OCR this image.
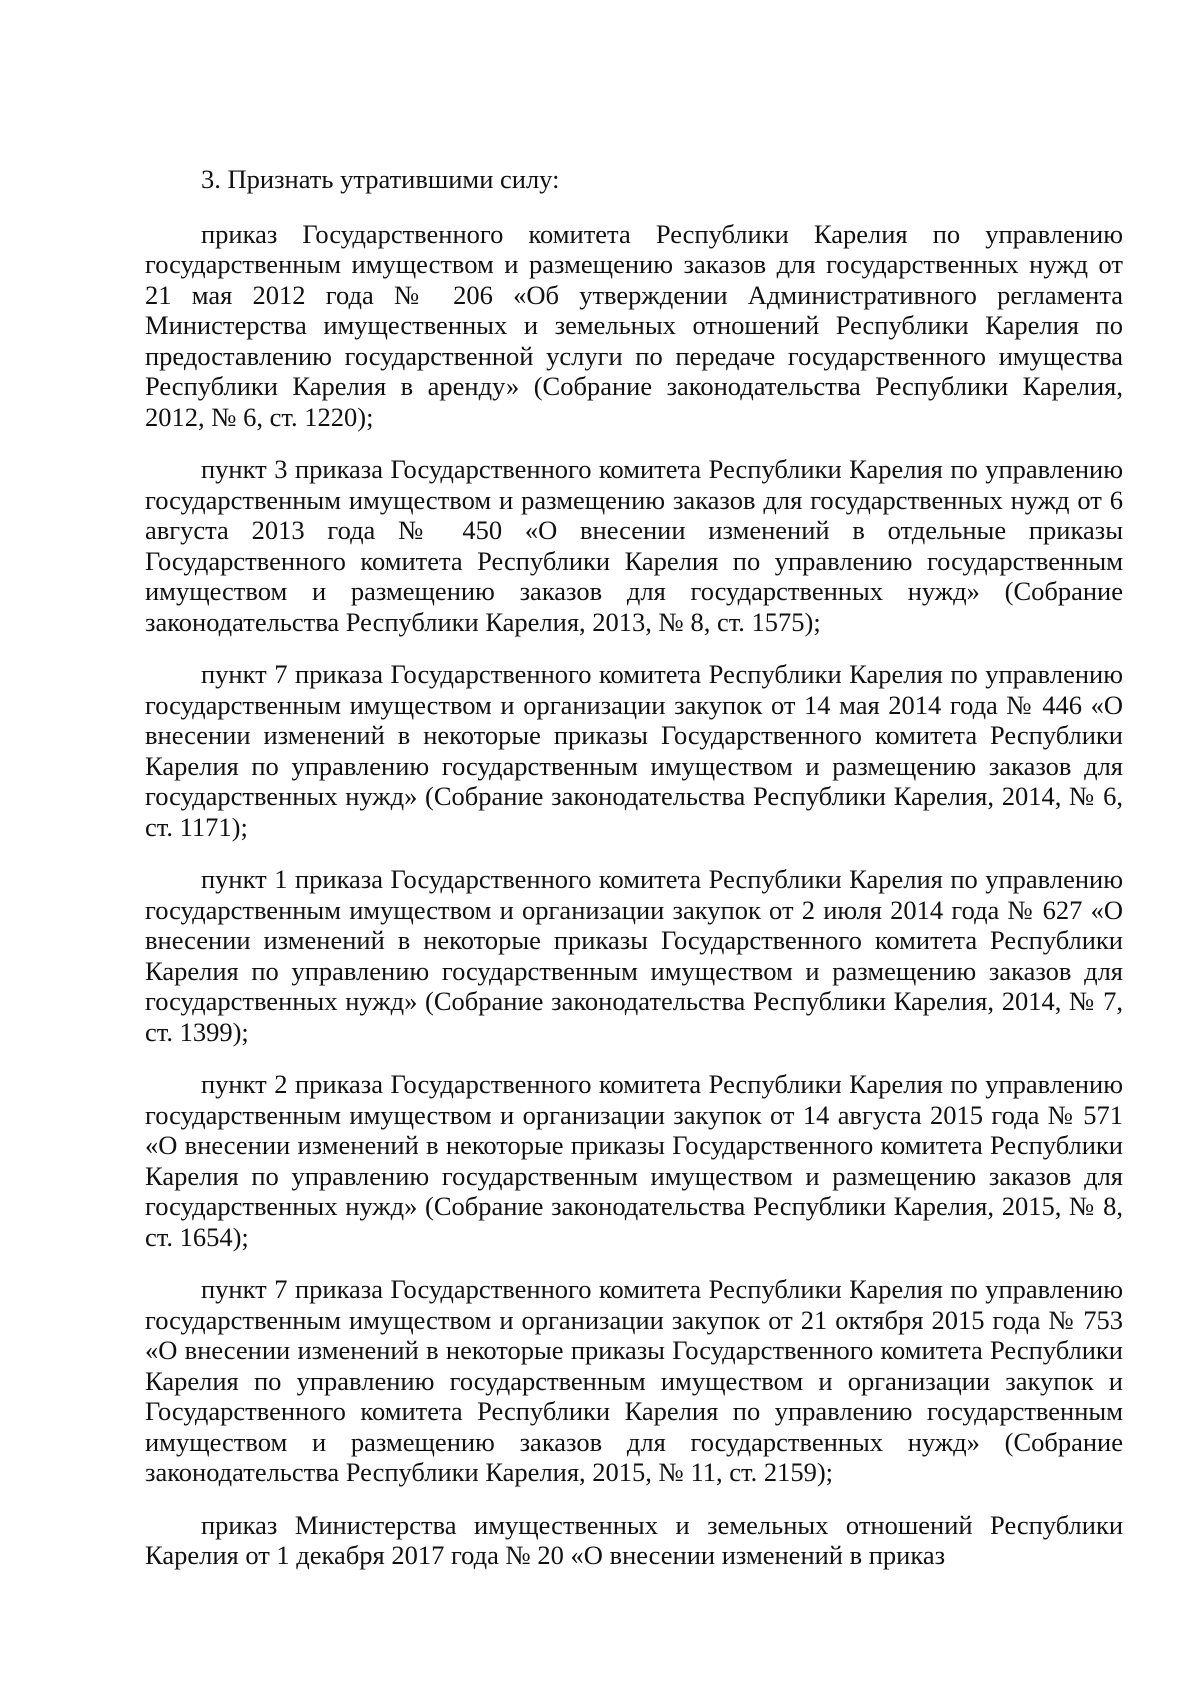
3. Признать утратившими силу:

приказ Государственного комитета Республики Карелия по управлению государственным имуществом и размещению заказов для государственных нужд от 21 мая 2012 года № 206 «Об утверждении Административного регламента Министерства имущественных и земельных отношений Республики Карелия по предоставлению государственной услуги по передаче государственного имущества Республики Карелия в аренду» (Собрание законодательства Республики Карелия, 2012, № 6, ст. 1220);

пункт 3 приказа Государственного комитета Республики Карелия по управлению государственным имуществом и размещению заказов для государственных нужд от 6 августа 2013 года № 450 «О внесении изменений в отдельные приказы Государственного комитета Республики Карелия по управлению государственным имуществом и размещению заказов для государственных нужд» (Собрание законодательства Республики Карелия, 2013, № 8, ст. 1575);

пункт 7 приказа Государственного комитета Республики Карелия по управлению государственным имуществом и организации закупок от 14 мая 2014 года № 446 «О внесении изменений в некоторые приказы Государственного комитета Республики Карелия по управлению государственным имуществом и размещению заказов для государственных нужд» (Собрание законодательства Республики Карелия, 2014, № 6, ст. 1171);

пункт 1 приказа Государственного комитета Республики Карелия по управлению государственным имуществом и организации закупок от 2 июля 2014 года № 627 «О внесении изменений в некоторые приказы Государственного комитета Республики Карелия по управлению государственным имуществом и размещению заказов для государственных нужд» (Собрание законодательства Республики Карелия, 2014, № 7, ст. 1399);

пункт 2 приказа Государственного комитета Республики Карелия по управлению государственным имуществом и организации закупок от 14 августа 2015 года № 571 «О внесении изменений в некоторые приказы Государственного комитета Республики Карелия по управлению государственным имуществом и размещению заказов для государственных нужд» (Собрание законодательства Республики Карелия, 2015, № 8, ст. 1654);

пункт 7 приказа Государственного комитета Республики Карелия по управлению государственным имуществом и организации закупок от 21 октября 2015 года № 753 «О внесении изменений в некоторые приказы Государственного комитета Республики Карелия по управлению государственным имуществом и организации закупок и Государственного комитета Республики Карелия по управлению государственным имуществом и размещению заказов для государственных нужд» (Собрание законодательства Республики Карелия, 2015, № 11, ст. 2159);

приказ Министерства имущественных и земельных отношений Республики Карелия от 1 декабря 2017 года № 20 «О внесении изменений в приказ
